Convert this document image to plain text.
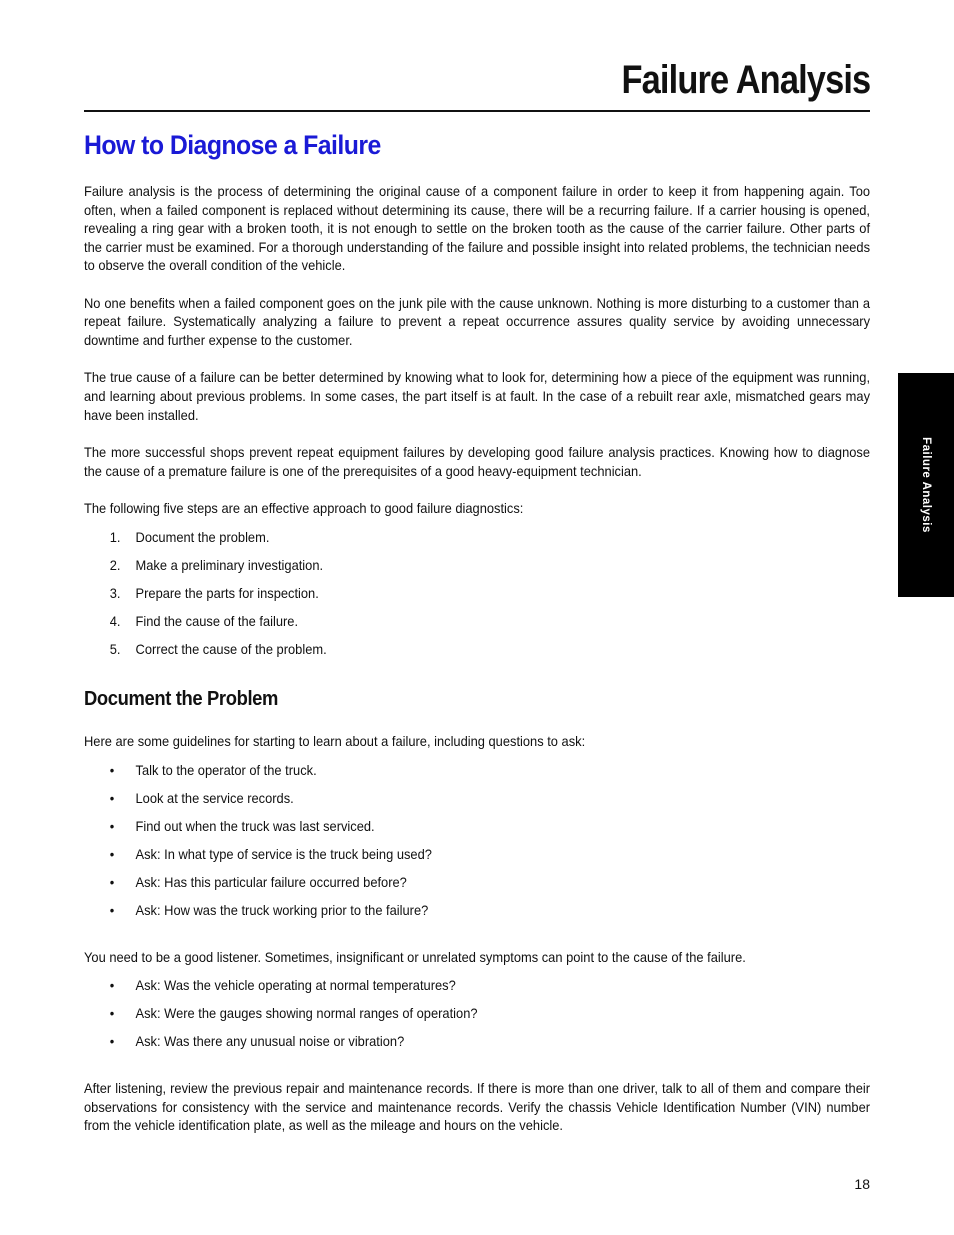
Failure Analysis
Failure Analysis
How to Diagnose a Failure

Failure analysis is the process of determining the original cause of a component failure in order to keep it from happening again. Too often, when a failed component is replaced without determining its cause, there will be a recurring failure. If a carrier housing is opened, revealing a ring gear with a broken tooth, it is not enough to settle on the broken tooth as the cause of the carrier failure. Other parts of the carrier must be examined. For a thorough understanding of the failure and possible insight into related problems, the technician needs to observe the overall condition of the vehicle.

No one benefits when a failed component goes on the junk pile with the cause unknown. Nothing is more disturbing to a customer than a repeat failure. Systematically analyzing a failure to prevent a repeat occurrence assures quality service by avoiding unnecessary downtime and further expense to the customer.

The true cause of a failure can be better determined by knowing what to look for, determining how a piece of the equipment was running, and learning about previous problems. In some cases, the part itself is at fault. In the case of a rebuilt rear axle, mismatched gears may have been installed.

The more successful shops prevent repeat equipment failures by developing good failure analysis practices. Knowing how to diagnose the cause of a premature failure is one of the prerequisites of a good heavy-equipment technician.

The following five steps are an effective approach to good failure diagnostics:

1.	Document the problem.
2.	Make a preliminary investigation.
3.	Prepare the parts for inspection.
4.	Find the cause of the failure.
5.	Correct the cause of the problem.
Document the Problem

Here are some guidelines for starting to learn about a failure, including questions to ask:

•	Talk to the operator of the truck.
•	Look at the service records.
•	Find out when the truck was last serviced.
•	Ask: In what type of service is the truck being used?
•	Ask: Has this particular failure occurred before?
•	Ask: How was the truck working prior to the failure?

You need to be a good listener. Sometimes, insignificant or unrelated symptoms can point to the cause of the failure.

•	Ask: Was the vehicle operating at normal temperatures?
•	Ask: Were the gauges showing normal ranges of operation?
•	Ask: Was there any unusual noise or vibration?

After listening, review the previous repair and maintenance records. If there is more than one driver, talk to all of them and compare their observations for consistency with the service and maintenance records. Verify the chassis Vehicle Identification Number (VIN) number from the vehicle identification plate, as well as the mileage and hours on the vehicle.

18
